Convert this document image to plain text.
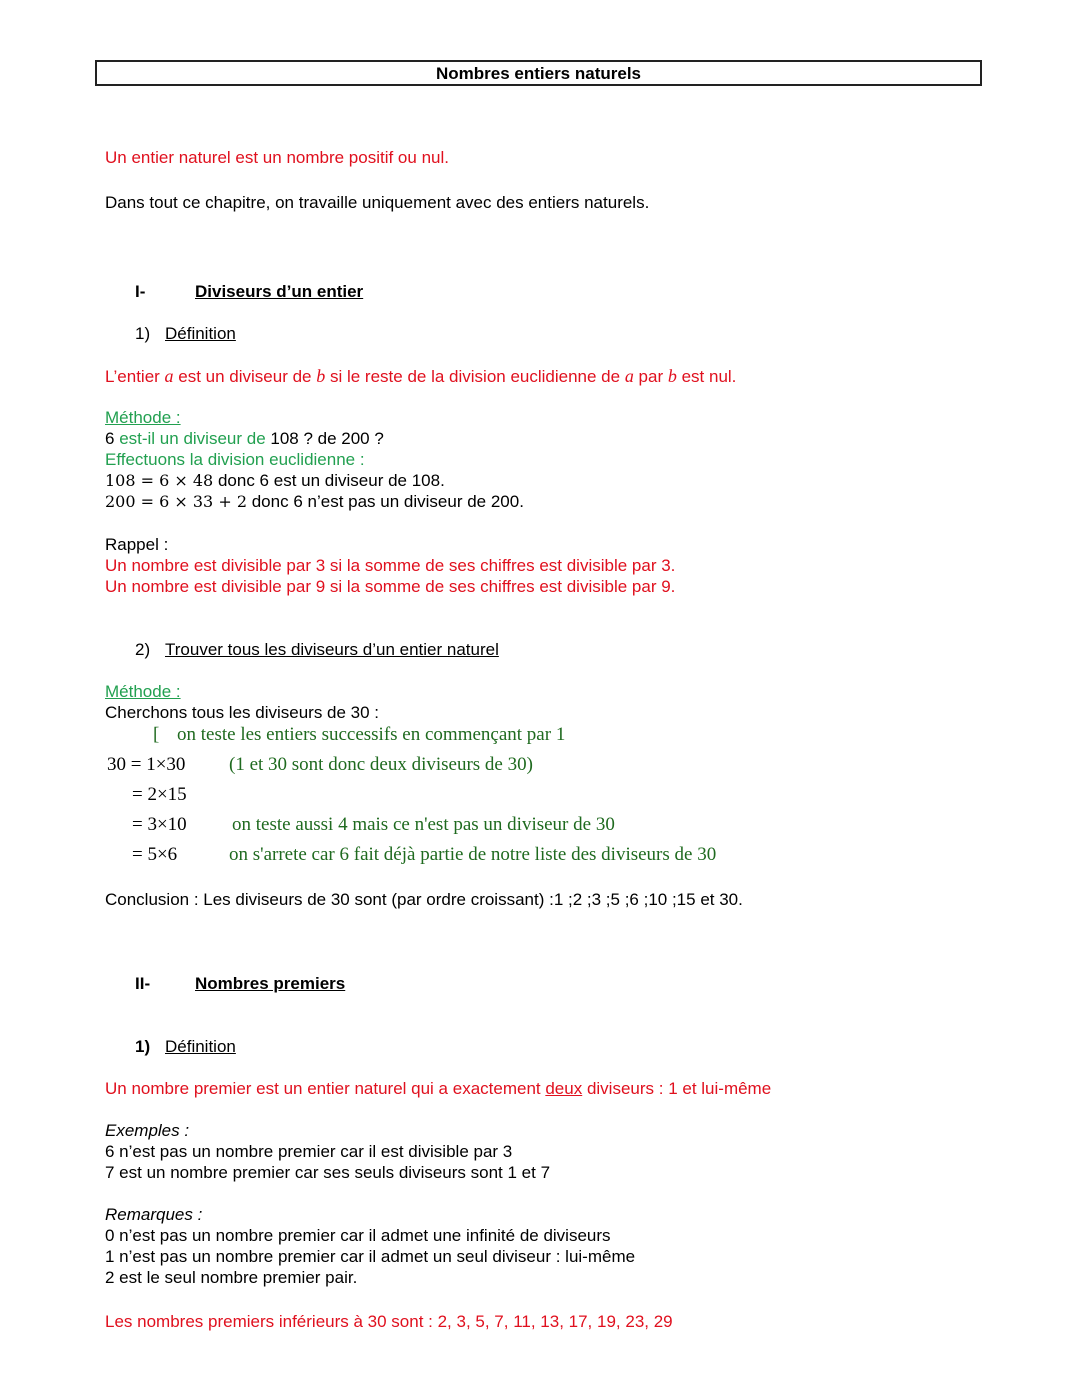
Nombres entiers naturels
Un entier naturel est un nombre positif ou nul.
Dans tout ce chapitre, on travaille uniquement avec des entiers naturels.
I-	Diviseurs d’un entier
1) Définition
L’entier a est un diviseur de b si le reste de la division euclidienne de a par b est nul.
Méthode :
6 est-il un diviseur de 108 ? de 200 ?
Effectuons la division euclidienne :
108 = 6 × 48 donc 6 est un diviseur de 108.
200 = 6 × 33 + 2 donc 6 n’est pas un diviseur de 200.
Rappel :
Un nombre est divisible par 3 si la somme de ses chiffres est divisible par 3.
Un nombre est divisible par 9 si la somme de ses chiffres est divisible par 9.
2) Trouver tous les diviseurs d’un entier naturel
Méthode :
Cherchons tous les diviseurs de 30 :
[ on teste les entiers successifs en commençant par 1
30 = 1×30 (1 et 30 sont donc deux diviseurs de 30)
= 2×15
= 3×10 on teste aussi 4 mais ce n'est pas un diviseur de 30
= 5×6	on s'arrete car 6 fait déjà partie de notre liste des diviseurs de 30
Conclusion : Les diviseurs de 30 sont (par ordre croissant) :1 ;2 ;3 ;5 ;6 ;10 ;15 et 30.
II-	Nombres premiers
1) Définition
Un nombre premier est un entier naturel qui a exactement deux diviseurs : 1 et lui-même
Exemples :
6 n’est pas un nombre premier car il est divisible par 3
7 est un nombre premier car ses seuls diviseurs sont 1 et 7
Remarques :
0 n’est pas un nombre premier car il admet une infinité de diviseurs
1 n’est pas un nombre premier car il admet un seul diviseur : lui-même
2 est le seul nombre premier pair.
Les nombres premiers inférieurs à 30 sont : 2, 3, 5, 7, 11, 13, 17, 19, 23, 29
